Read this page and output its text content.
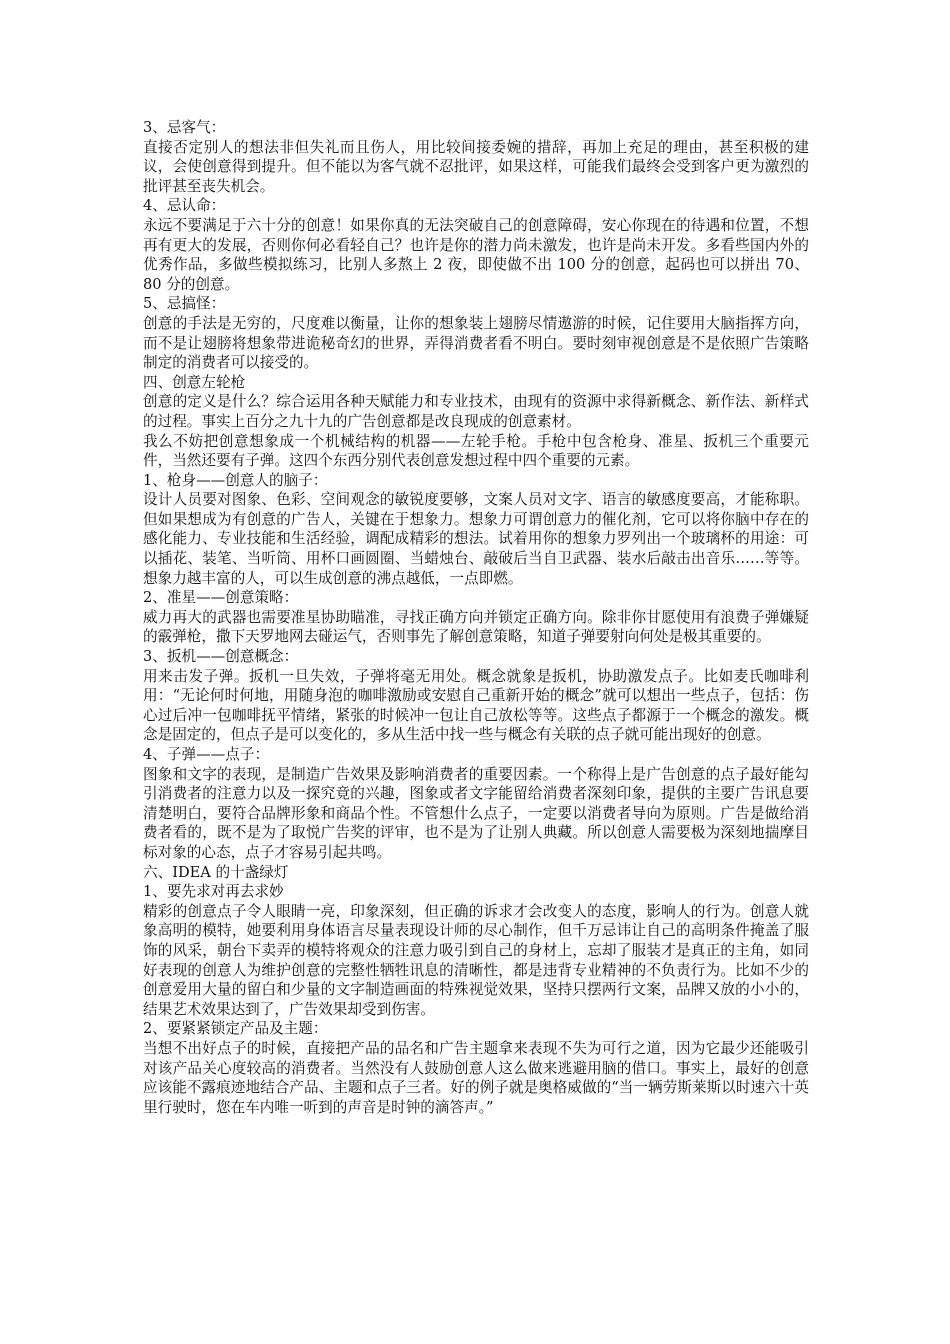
3、忌客气：

直接否定别人的想法非但失礼而且伤人，用比较间接委婉的措辞，再加上充足的理由，甚至积极的建议，会使创意得到提升。但不能以为客气就不忍批评，如果这样，可能我们最终会受到客户更为激烈的批评甚至丧失机会。

4、忌认命：

永远不要满足于六十分的创意！如果你真的无法突破自己的创意障碍，安心你现在的待遇和位置，不想再有更大的发展，否则你何必看轻自己？也许是你的潜力尚未激发，也许是尚未开发。多看些国内外的优秀作品，多做些模拟练习，比别人多熬上 2 夜，即使做不出 100 分的创意，起码也可以拼出 70、80 分的创意。

5、忌搞怪：

创意的手法是无穷的，尺度难以衡量，让你的想象装上翅膀尽情遨游的时候，记住要用大脑指挥方向，而不是让翅膀将想象带进诡秘奇幻的世界，弄得消费者看不明白。要时刻审视创意是不是依照广告策略制定的消费者可以接受的。

四、创意左轮枪

创意的定义是什么？综合运用各种天赋能力和专业技术，由现有的资源中求得新概念、新作法、新样式的过程。事实上百分之九十九的广告创意都是改良现成的创意素材。

我么不妨把创意想象成一个机械结构的机器——左轮手枪。手枪中包含枪身、准星、扳机三个重要元件，当然还要有子弹。这四个东西分别代表创意发想过程中四个重要的元素。

1、枪身——创意人的脑子：

设计人员要对图象、色彩、空间观念的敏锐度要够，文案人员对文字、语言的敏感度要高，才能称职。但如果想成为有创意的广告人，关键在于想象力。想象力可谓创意力的催化剂，它可以将你脑中存在的感化能力、专业技能和生活经验，调配成精彩的想法。试着用你的想象力罗列出一个玻璃杯的用途：可以插花、装笔、当听筒、用杯口画圆圈、当蜡烛台、敲破后当自卫武器、装水后敲击出音乐……等等。想象力越丰富的人，可以生成创意的沸点越低，一点即燃。

2、准星——创意策略：

威力再大的武器也需要准星协助瞄准，寻找正确方向并锁定正确方向。除非你甘愿使用有浪费子弹嫌疑的霰弹枪，撒下天罗地网去碰运气，否则事先了解创意策略，知道子弹要射向何处是极其重要的。

3、扳机——创意概念：

用来击发子弹。扳机一旦失效，子弹将毫无用处。概念就象是扳机，协助激发点子。比如麦氏咖啡利用：“无论何时何地，用随身泡的咖啡激励或安慰自己重新开始的概念”就可以想出一些点子，包括：伤心过后冲一包咖啡抚平情绪，紧张的时候冲一包让自己放松等等。这些点子都源于一个概念的激发。概念是固定的，但点子是可以变化的，多从生活中找一些与概念有关联的点子就可能出现好的创意。

4、子弹——点子：

图象和文字的表现，是制造广告效果及影响消费者的重要因素。一个称得上是广告创意的点子最好能勾引消费者的注意力以及一探究竟的兴趣，图象或者文字能留给消费者深刻印象，提供的主要广告讯息要清楚明白，要符合品牌形象和商品个性。不管想什么点子，一定要以消费者导向为原则。广告是做给消费者看的，既不是为了取悦广告奖的评审，也不是为了让别人典藏。所以创意人需要极为深刻地揣摩目标对象的心态，点子才容易引起共鸣。

六、IDEA 的十盏绿灯

1、要先求对再去求妙

精彩的创意点子令人眼睛一亮，印象深刻，但正确的诉求才会改变人的态度，影响人的行为。创意人就象高明的模特，她要利用身体语言尽量表现设计师的尽心制作，但千万忌讳让自己的高明条件掩盖了服饰的风采，朝台下卖弄的模特将观众的注意力吸引到自己的身材上，忘却了服装才是真正的主角，如同好表现的创意人为维护创意的完整性牺牲讯息的清晰性，都是违背专业精神的不负责行为。比如不少的创意爱用大量的留白和少量的文字制造画面的特殊视觉效果，坚持只摆两行文案，品牌又放的小小的，结果艺术效果达到了，广告效果却受到伤害。

2、要紧紧锁定产品及主题：

当想不出好点子的时候，直接把产品的品名和广告主题拿来表现不失为可行之道，因为它最少还能吸引对该产品关心度较高的消费者。当然没有人鼓励创意人这么做来逃避用脑的借口。事实上，最好的创意应该能不露痕迹地结合产品、主题和点子三者。好的例子就是奥格威做的“当一辆劳斯莱斯以时速六十英里行驶时，您在车内唯一听到的声音是时钟的滴答声。”
